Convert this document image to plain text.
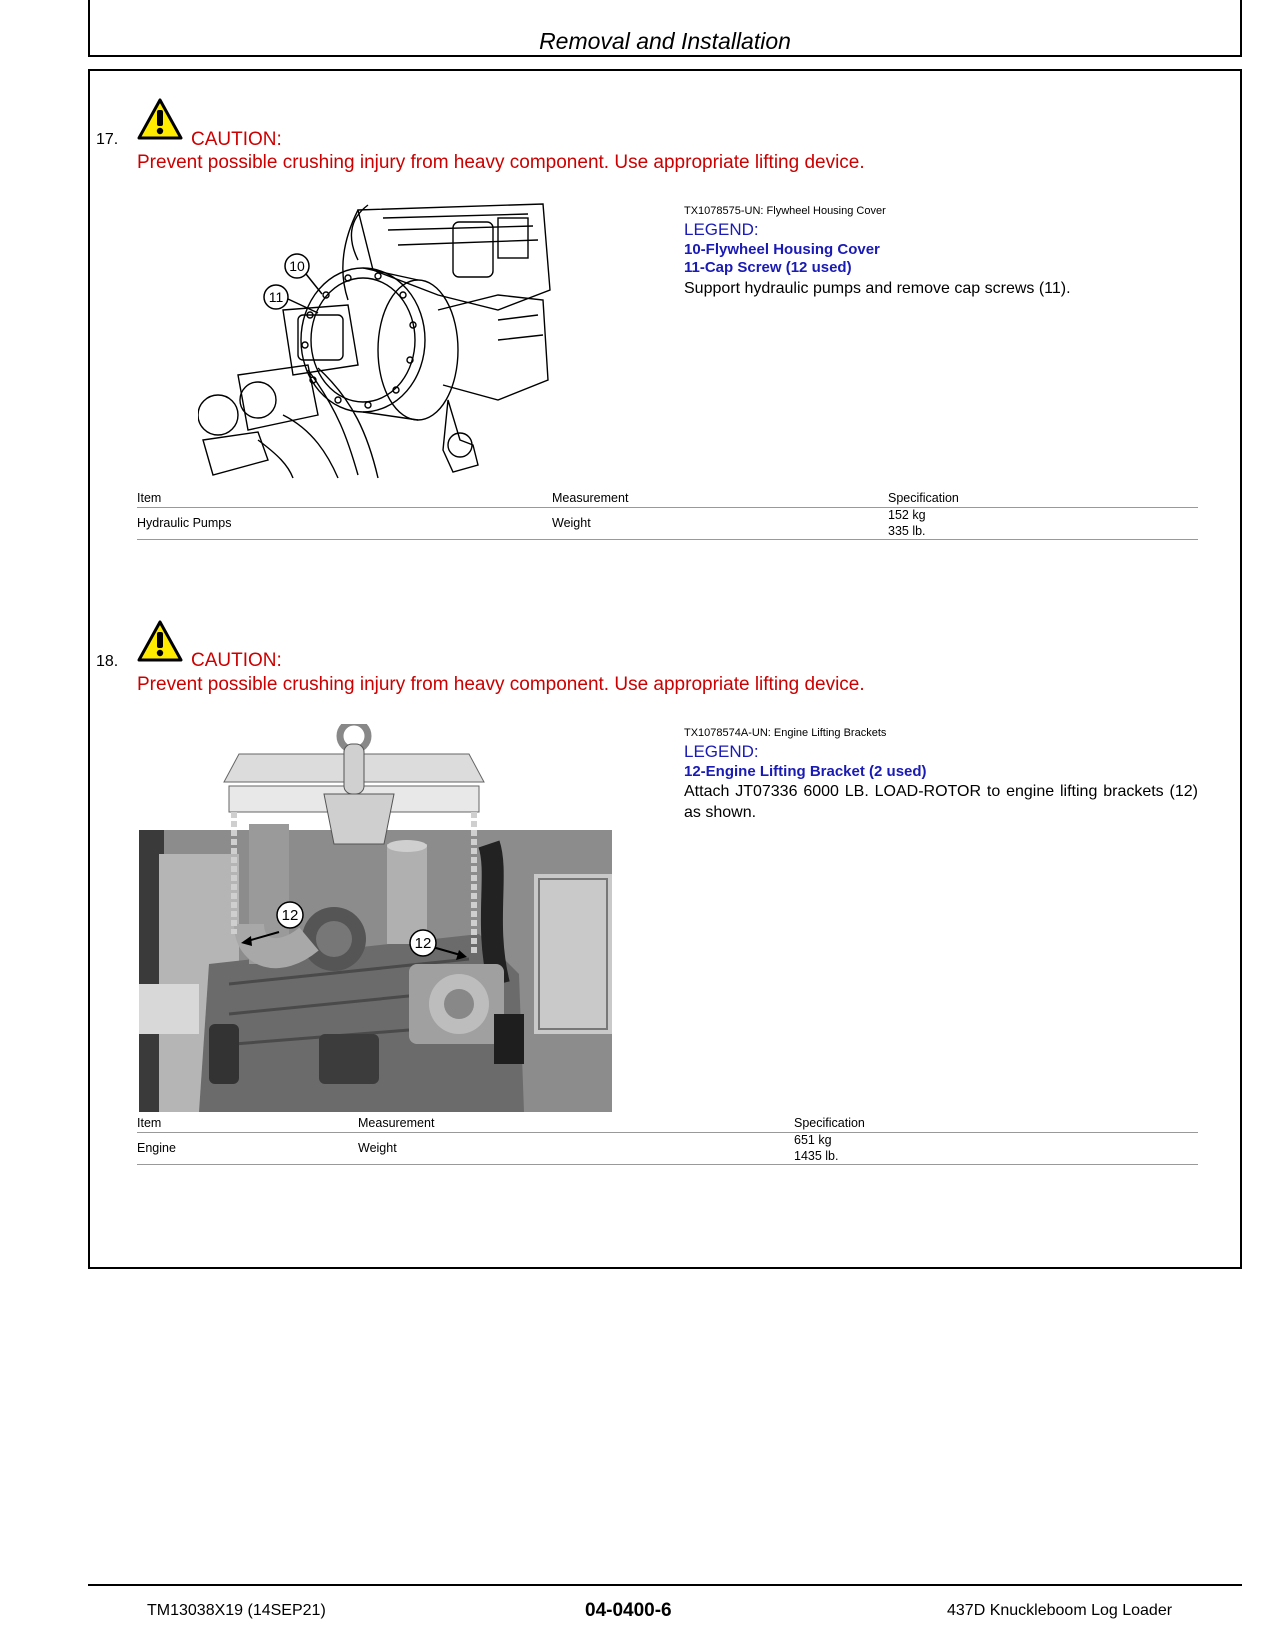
Removal and Installation
17.	CAUTION:
Prevent possible crushing injury from heavy component. Use appropriate lifting device.
10
11
TX1078575-UN: Flywheel Housing Cover
LEGEND:
10-Flywheel Housing Cover
11-Cap Screw (12 used)
Support hydraulic pumps and remove cap screws (11).
Item	Measurement	Specification
Hydraulic Pumps	Weight
152 kg
335 lb.
18.	CAUTION:
Prevent possible crushing injury from heavy component. Use appropriate lifting device.
12
12
TX1078574A-UN: Engine Lifting Brackets
LEGEND:
12-Engine Lifting Bracket (2 used)
Attach JT07336 6000 LB. LOAD-ROTOR to engine lifting brackets (12) as shown.
Item	Measurement	Specification
Engine	Weight
651 kg
1435 lb.
TM13038X19 (14SEP21)	04-0400-6	437D Knuckleboom Log Loader
